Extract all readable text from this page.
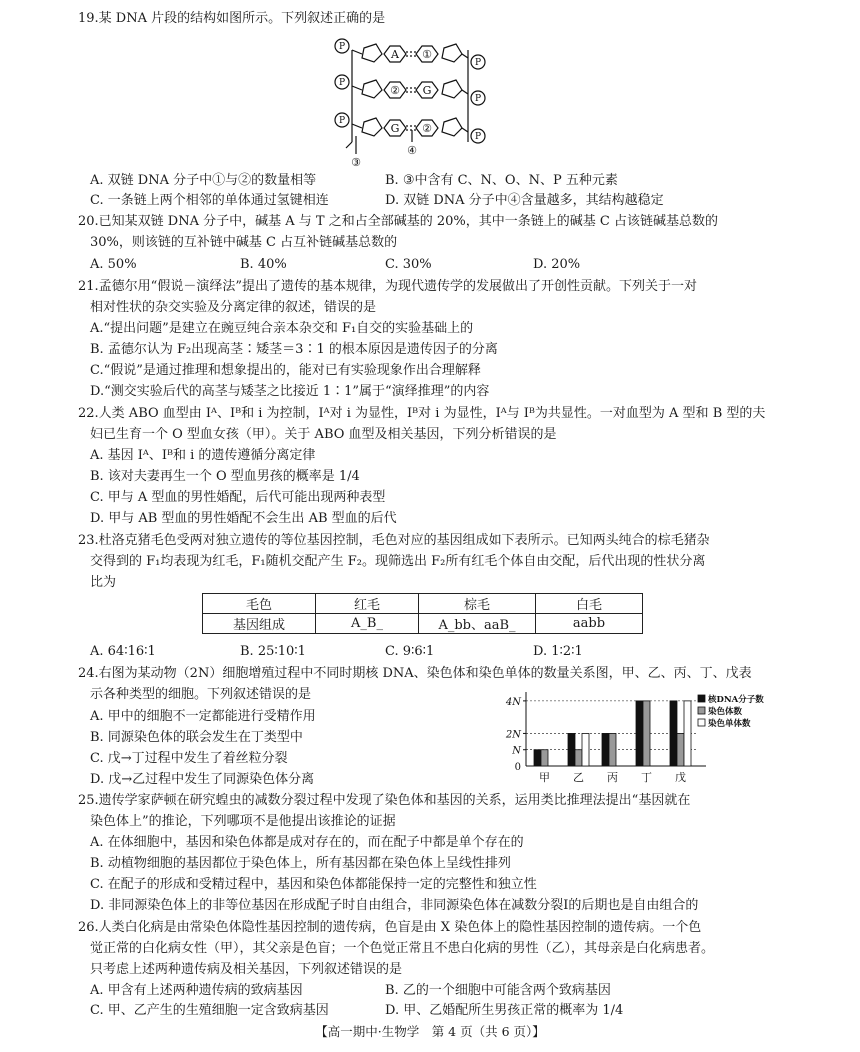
19.某 DNA 片段的结构如图所示。下列叙述正确的是
P
P
P
P
P
P
A ①
② G
G ②
③
④
A. 双链 DNA 分子中①与②的数量相等	B. ③中含有 C、N、O、N、P 五种元素
C. 一条链上两个相邻的单体通过氢键相连	D. 双链 DNA 分子中④含量越多，其结构越稳定
20.已知某双链 DNA 分子中，碱基 A 与 T 之和占全部碱基的 20%，其中一条链上的碱基 C 占该链碱基总数的
30%，则该链的互补链中碱基 C 占互补链碱基总数的
A. 50%	B. 40%	C. 30%	D. 20%
21.孟德尔用“假说－演绎法”提出了遗传的基本规律，为现代遗传学的发展做出了开创性贡献。下列关于一对
相对性状的杂交实验及分离定律的叙述，错误的是
A.“提出问题”是建立在豌豆纯合亲本杂交和 F₁自交的实验基础上的
B. 孟德尔认为 F₂出现高茎∶矮茎＝3∶1 的根本原因是遗传因子的分离
C.“假说”是通过推理和想象提出的，能对已有实验现象作出合理解释
D.“测交实验后代的高茎与矮茎之比接近 1∶1”属于“演绎推理”的内容
22.人类 ABO 血型由 Iᴬ、Iᴮ和 i 为控制，Iᴬ对 i 为显性，Iᴮ对 i 为显性，Iᴬ与 Iᴮ为共显性。一对血型为 A 型和 B 型的夫
妇已生育一个 O 型血女孩（甲）。关于 ABO 血型及相关基因，下列分析错误的是
A. 基因 Iᴬ、Iᴮ和 i 的遗传遵循分离定律
B. 该对夫妻再生一个 O 型血男孩的概率是 1/4
C. 甲与 A 型血的男性婚配，后代可能出现两种表型
D. 甲与 AB 型血的男性婚配不会生出 AB 型血的后代
23.杜洛克猪毛色受两对独立遗传的等位基因控制，毛色对应的基因组成如下表所示。已知两头纯合的棕毛猪杂
交得到的 F₁均表现为红毛，F₁随机交配产生 F₂。现筛选出 F₂所有红毛个体自由交配，后代出现的性状分离
比为
毛色	红毛	棕毛	白毛
基因组成	A_B_	A_bb、aaB_	aabb
A. 64∶16∶1	B. 25∶10∶1	C. 9∶6∶1	D. 1∶2∶1
24.右图为某动物（2N）细胞增殖过程中不同时期核 DNA、染色体和染色单体的数量关系图，甲、乙、丙、丁、戊表
示各种类型的细胞。下列叙述错误的是
A. 甲中的细胞不一定都能进行受精作用
B. 同源染色体的联会发生在丁类型中
C. 戊→丁过程中发生了着丝粒分裂
D. 戊→乙过程中发生了同源染色体分离
N
2N
4N
0
甲 乙 丙 丁 戊
核DNA分子数
染色体数
染色单体数
25.遗传学家萨顿在研究蝗虫的减数分裂过程中发现了染色体和基因的关系，运用类比推理法提出“基因就在
染色体上”的推论，下列哪项不是他提出该推论的证据
A. 在体细胞中，基因和染色体都是成对存在的，而在配子中都是单个存在的
B. 动植物细胞的基因都位于染色体上，所有基因都在染色体上呈线性排列
C. 在配子的形成和受精过程中，基因和染色体都能保持一定的完整性和独立性
D. 非同源染色体上的非等位基因在形成配子时自由组合，非同源染色体在减数分裂Ⅰ的后期也是自由组合的
26.人类白化病是由常染色体隐性基因控制的遗传病，色盲是由 X 染色体上的隐性基因控制的遗传病。一个色
觉正常的白化病女性（甲），其父亲是色盲；一个色觉正常且不患白化病的男性（乙），其母亲是白化病患者。
只考虑上述两种遗传病及相关基因，下列叙述错误的是
A. 甲含有上述两种遗传病的致病基因	B. 乙的一个细胞中可能含两个致病基因
C. 甲、乙产生的生殖细胞一定含致病基因	D. 甲、乙婚配所生男孩正常的概率为 1/4
【高一期中·生物学　第 4 页（共 6 页）】
